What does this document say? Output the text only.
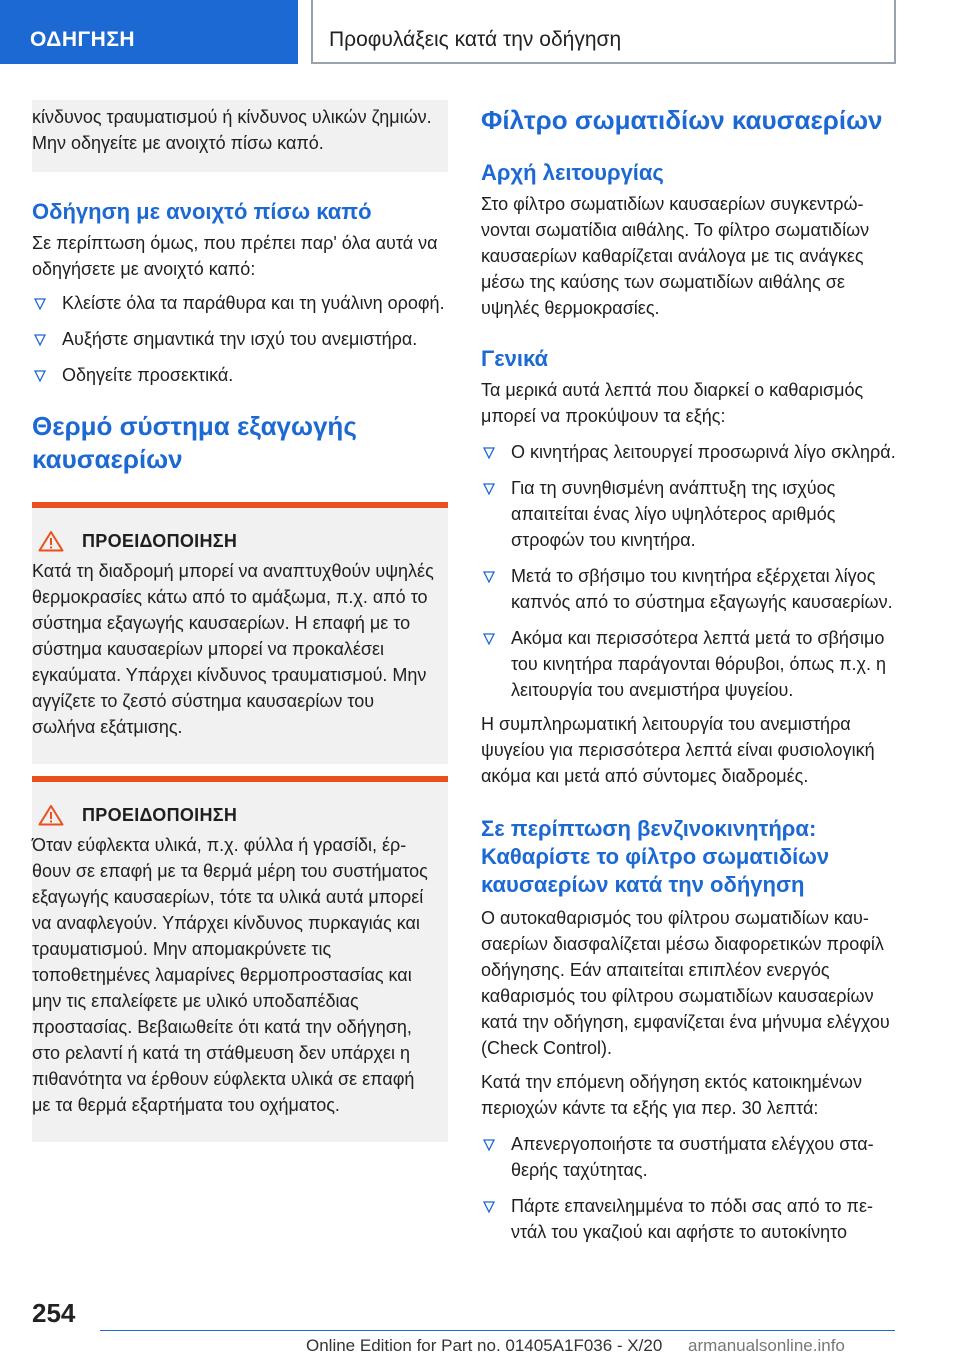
ΟΔΗΓΗΣΗ	Προφυλάξεις κατά την οδήγηση

κίνδυνος τραυματισμού ή κίνδυνος υλικών ζημιών. Μην οδηγείτε με ανοιχτό πίσω καπό.

Οδήγηση με ανοιχτό πίσω καπό

Σε περίπτωση όμως, που πρέπει παρ' όλα αυτά να οδηγήσετε με ανοιχτό καπό:

Κλείστε όλα τα παράθυρα και τη γυάλινη οροφή.
Αυξήστε σημαντικά την ισχύ του ανεμιστήρα.
Οδηγείτε προσεκτικά.
Θερμό σύστημα εξαγωγής καυσαερίων
ΠΡΟΕΙΔΟΠΟΙΗΣΗ

Κατά τη διαδρομή μπορεί να αναπτυχθούν υψηλές θερμοκρασίες κάτω από το αμάξωμα, π.χ. από το σύστημα εξαγωγής καυσαερίων. Η επαφή με το σύστημα καυσαερίων μπορεί να προκαλέσει εγκαύματα. Υπάρχει κίνδυνος τραυματισμού. Μην αγγίζετε το ζεστό σύστημα καυσαερίων του σωλήνα εξάτμισης.

ΠΡΟΕΙΔΟΠΟΙΗΣΗ

Όταν εύφλεκτα υλικά, π.χ. φύλλα ή γρασίδι, έρθουν σε επαφή με τα θερμά μέρη του συστήματος εξαγωγής καυσαερίων, τότε τα υλικά αυτά μπορεί να αναφλεγούν. Υπάρχει κίνδυνος πυρκαγιάς και τραυματισμού. Μην απομακρύνετε τις τοποθετημένες λαμαρίνες θερμοπροστασίας και μην τις επαλείφετε με υλικό υποδαπέδιας προστασίας. Βεβαιωθείτε ότι κατά την οδήγηση, στο ρελαντί ή κατά τη στάθμευση δεν υπάρχει η πιθανότητα να έρθουν εύφλεκτα υλικά σε επαφή με τα θερμά εξαρτήματα του οχήματος.

Φίλτρο σωματιδίων καυσαερίων
Αρχή λειτουργίας

Στο φίλτρο σωματιδίων καυσαερίων συγκεντρώνονται σωματίδια αιθάλης. Το φίλτρο σωματιδίων καυσαερίων καθαρίζεται ανάλογα με τις ανάγκες μέσω της καύσης των σωματιδίων αιθάλης σε υψηλές θερμοκρασίες.

Γενικά

Τα μερικά αυτά λεπτά που διαρκεί ο καθαρισμός μπορεί να προκύψουν τα εξής:

Ο κινητήρας λειτουργεί προσωρινά λίγο σκληρά.
Για τη συνηθισμένη ανάπτυξη της ισχύος απαιτείται ένας λίγο υψηλότερος αριθμός στροφών του κινητήρα.
Μετά το σβήσιμο του κινητήρα εξέρχεται λίγος καπνός από το σύστημα εξαγωγής καυσαερίων.
Ακόμα και περισσότερα λεπτά μετά το σβήσιμο του κινητήρα παράγονται θόρυβοι, όπως π.χ. η λειτουργία του ανεμιστήρα ψυγείου.

Η συμπληρωματική λειτουργία του ανεμιστήρα ψυγείου για περισσότερα λεπτά είναι φυσιολογική ακόμα και μετά από σύντομες διαδρομές.

Σε περίπτωση βενζινοκινητήρα: Καθαρίστε το φίλτρο σωματιδίων καυσαερίων κατά την οδήγηση

Ο αυτοκαθαρισμός του φίλτρου σωματιδίων καυσαερίων διασφαλίζεται μέσω διαφορετικών προφίλ οδήγησης. Εάν απαιτείται επιπλέον ενεργός καθαρισμός του φίλτρου σωματιδίων καυσαερίων κατά την οδήγηση, εμφανίζεται ένα μήνυμα ελέγχου (Check Control).

Κατά την επόμενη οδήγηση εκτός κατοικημένων περιοχών κάντε τα εξής για περ. 30 λεπτά:

Απενεργοποιήστε τα συστήματα ελέγχου σταθερής ταχύτητας.
Πάρτε επανειλημμένα το πόδι σας από το πεντάλ του γκαζιού και αφήστε το αυτοκίνητο
254
Online Edition for Part no. 01405A1F036 - X/20 armanualsonline.info
